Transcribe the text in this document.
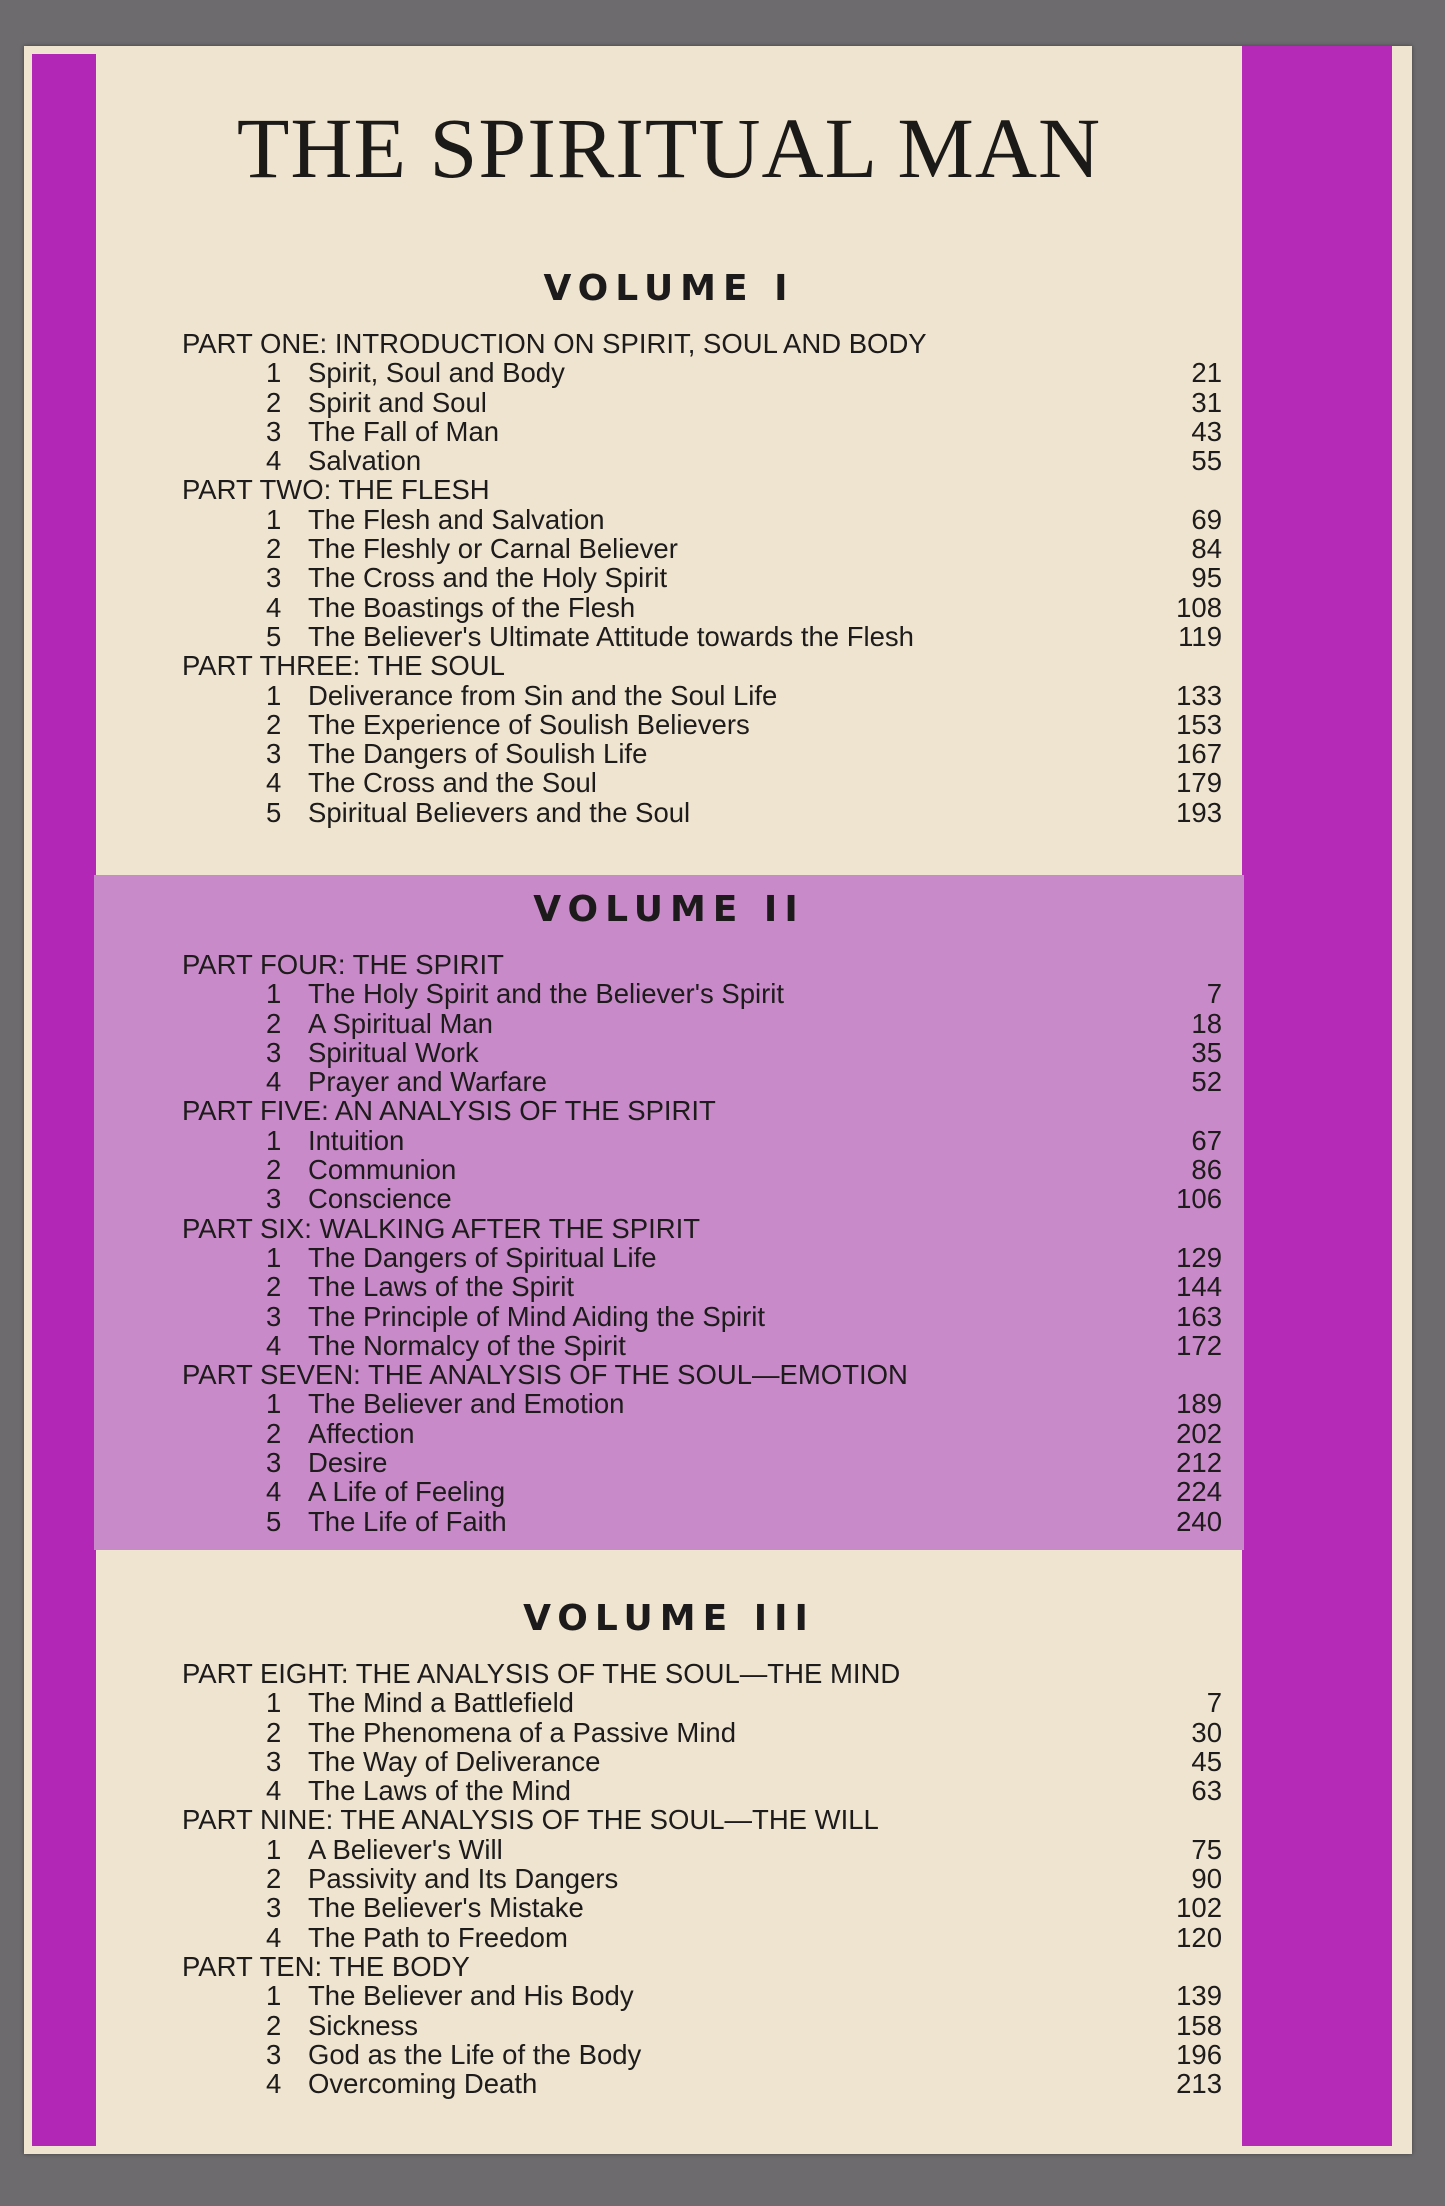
THE SPIRITUAL MAN
VOLUME I
PART ONE: INTRODUCTION ON SPIRIT, SOUL AND BODY
1 Spirit, Soul and Body	21
2 Spirit and Soul	31
3 The Fall of Man	43
4 Salvation	55
PART TWO: THE FLESH
1 The Flesh and Salvation	69
2 The Fleshly or Carnal Believer	84
3 The Cross and the Holy Spirit	95
4 The Boastings of the Flesh	108
5 The Believer's Ultimate Attitude towards the Flesh	119
PART THREE: THE SOUL
1 Deliverance from Sin and the Soul Life	133
2 The Experience of Soulish Believers	153
3 The Dangers of Soulish Life	167
4 The Cross and the Soul	179
5 Spiritual Believers and the Soul	193
VOLUME II
PART FOUR: THE SPIRIT
1 The Holy Spirit and the Believer's Spirit	7
2 A Spiritual Man	18
3 Spiritual Work	35
4 Prayer and Warfare	52
PART FIVE: AN ANALYSIS OF THE SPIRIT
1 Intuition	67
2 Communion	86
3 Conscience	106
PART SIX: WALKING AFTER THE SPIRIT
1 The Dangers of Spiritual Life	129
2 The Laws of the Spirit	144
3 The Principle of Mind Aiding the Spirit	163
4 The Normalcy of the Spirit	172
PART SEVEN: THE ANALYSIS OF THE SOUL—EMOTION
1 The Believer and Emotion	189
2 Affection	202
3 Desire	212
4 A Life of Feeling	224
5 The Life of Faith	240
VOLUME III
PART EIGHT: THE ANALYSIS OF THE SOUL—THE MIND
1 The Mind a Battlefield	7
2 The Phenomena of a Passive Mind	30
3 The Way of Deliverance	45
4 The Laws of the Mind	63
PART NINE: THE ANALYSIS OF THE SOUL—THE WILL
1 A Believer's Will	75
2 Passivity and Its Dangers	90
3 The Believer's Mistake	102
4 The Path to Freedom	120
PART TEN: THE BODY
1 The Believer and His Body	139
2 Sickness	158
3 God as the Life of the Body	196
4 Overcoming Death	213
